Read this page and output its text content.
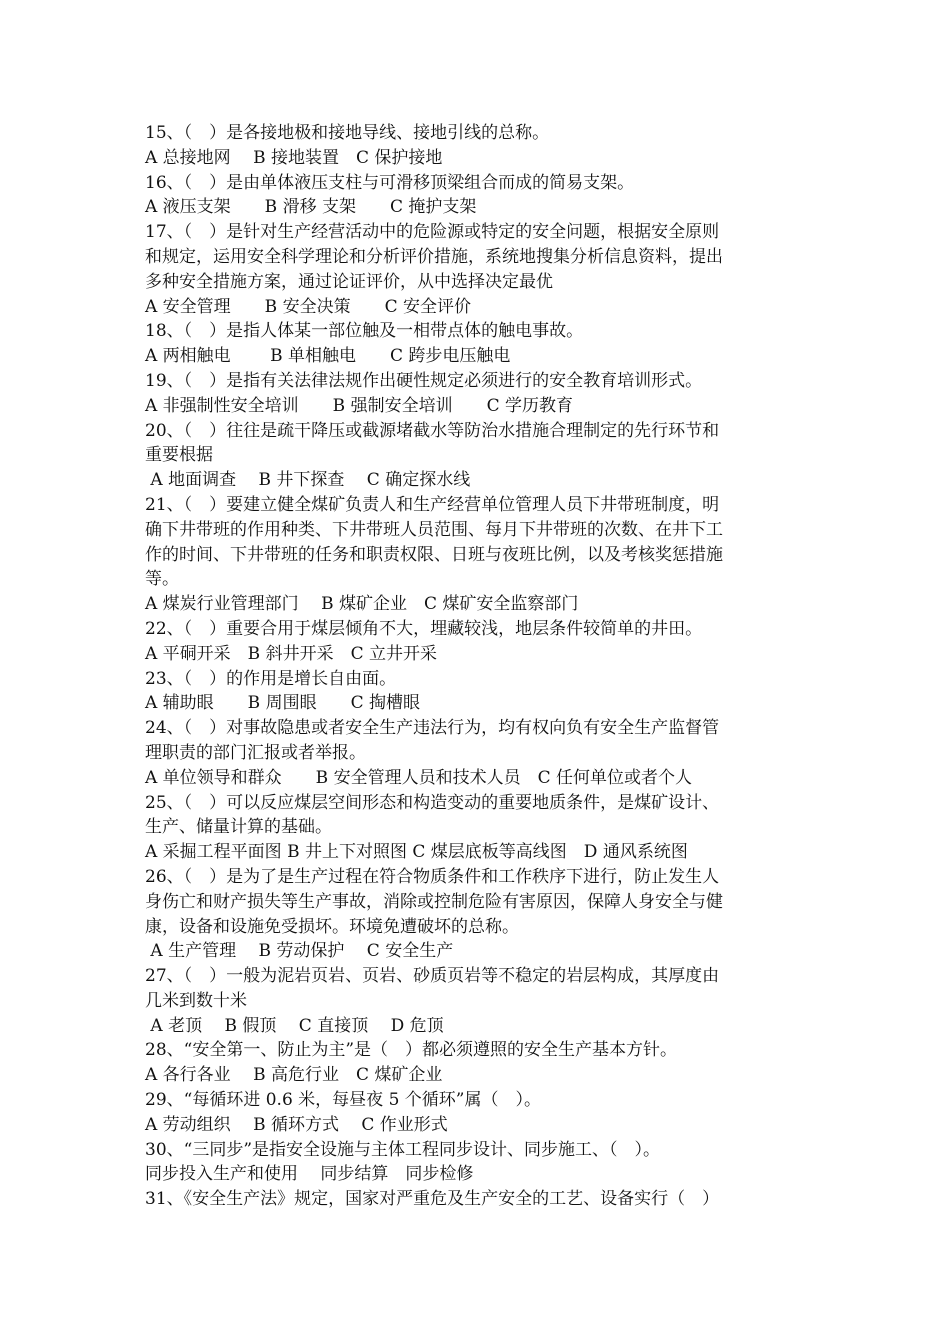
15、（　）是各接地极和接地导线、接地引线的总称。
A 总接地网　 B 接地装置　C 保护接地
16、（　）是由单体液压支柱与可滑移顶梁组合而成的简易支架。
A 液压支架　　B 滑移 支架　　C 掩护支架
17、（　）是针对生产经营活动中的危险源或特定的安全问题，根据安全原则
和规定，运用安全科学理论和分析评价措施，系统地搜集分析信息资料，提出
多种安全措施方案，通过论证评价，从中选择决定最优
A 安全管理　　B 安全决策　　C 安全评价
18、（　）是指人体某一部位触及一相带点体的触电事故。
A 两相触电　　 B 单相触电　　C 跨步电压触电
19、（　）是指有关法律法规作出硬性规定必须进行的安全教育培训形式。
A 非强制性安全培训　　B 强制安全培训　　C 学历教育
20、（　）往往是疏干降压或截源堵截水等防治水措施合理制定的先行环节和
重要根据
A 地面调查　 B 井下探查　 C 确定探水线
21、（　）要建立健全煤矿负责人和生产经营单位管理人员下井带班制度，明
确下井带班的作用种类、下井带班人员范围、每月下井带班的次数、在井下工
作的时间、下井带班的任务和职责权限、日班与夜班比例，以及考核奖惩措施
等。
A 煤炭行业管理部门　 B 煤矿企业　C 煤矿安全监察部门
22、（　）重要合用于煤层倾角不大，埋藏较浅，地层条件较简单的井田。
A 平硐开采　B 斜井开采　C 立井开采
23、（　）的作用是增长自由面。
A 辅助眼　　B 周围眼　　C 掏槽眼
24、（　）对事故隐患或者安全生产违法行为，均有权向负有安全生产监督管
理职责的部门汇报或者举报。
A 单位领导和群众　　B 安全管理人员和技术人员　C 任何单位或者个人
25、（　）可以反应煤层空间形态和构造变动的重要地质条件，是煤矿设计、
生产、储量计算的基础。
A 采掘工程平面图 B 井上下对照图 C 煤层底板等高线图　D 通风系统图
26、（　）是为了是生产过程在符合物质条件和工作秩序下进行，防止发生人
身伤亡和财产损失等生产事故，消除或控制危险有害原因，保障人身安全与健
康，设备和设施免受损坏。环境免遭破坏的总称。
A 生产管理　 B 劳动保护　 C 安全生产
27、（　）一般为泥岩页岩、页岩、砂质页岩等不稳定的岩层构成，其厚度由
几米到数十米
A 老顶　 B 假顶　 C 直接顶　 D 危顶
28、“安全第一、防止为主”是（　）都必须遵照的安全生产基本方针。
A 各行各业　 B 高危行业　C 煤矿企业
29、“每循环进 0.6 米，每昼夜 5 个循环”属（　）。
A 劳动组织　 B 循环方式　 C 作业形式
30、“三同步”是指安全设施与主体工程同步设计、同步施工、（　）。
同步投入生产和使用　 同步结算　同步检修
31、《安全生产法》规定，国家对严重危及生产安全的工艺、设备实行（　）
